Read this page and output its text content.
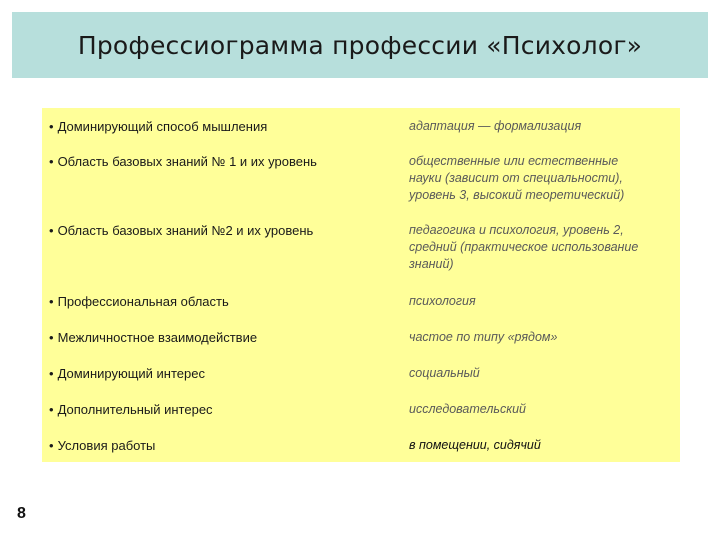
Профессиограмма профессии «Психолог»
• Доминирующий способ мышления	адаптация — формализация
• Область базовых знаний № 1 и их уровень	общественные или естественные
науки (зависит от специальности),
уровень 3, высокий теоретический)
• Область базовых знаний №2 и их уровень	педагогика и психология, уровень 2,
средний (практическое использование
знаний)
• Профессиональная область	психология
• Межличностное взаимодействие	частое по типу «рядом»
• Доминирующий интерес	социальный
• Дополнительный интерес	исследовательский
• Условия работы	в помещении, сидячий
8
